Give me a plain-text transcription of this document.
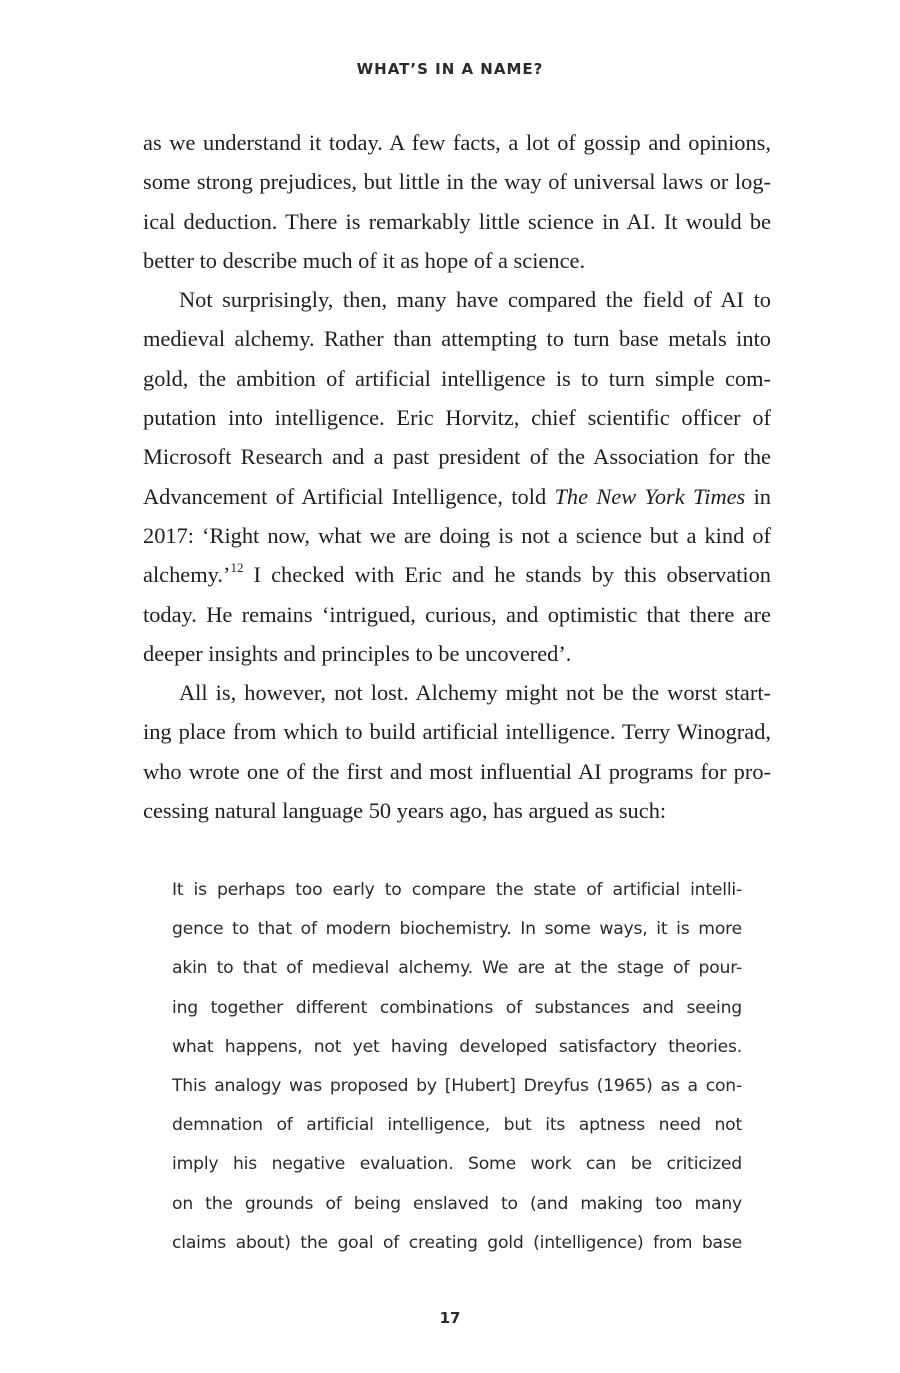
WHAT’S IN A NAME?
as we understand it today. A few facts, a lot of gossip and opinions,
some strong prejudices, but little in the way of universal laws or log-
ical deduction. There is remarkably little science in AI. It would be
better to describe much of it as hope of a science.
Not surprisingly, then, many have compared the field of AI to
medieval alchemy. Rather than attempting to turn base metals into
gold, the ambition of artificial intelligence is to turn simple com-
putation into intelligence. Eric Horvitz, chief scientific officer of
Microsoft Research and a past president of the Association for the
Advancement of Artificial Intelligence, told The New York Times in
2017: ‘Right now, what we are doing is not a science but a kind of
alchemy.’$^{12}$ I checked with Eric and he stands by this observation
today. He remains ‘intrigued, curious, and optimistic that there are
deeper insights and principles to be uncovered’.
All is, however, not lost. Alchemy might not be the worst start-
ing place from which to build artificial intelligence. Terry Winograd,
who wrote one of the first and most influential AI programs for pro-
cessing natural language 50 years ago, has argued as such:
It is perhaps too early to compare the state of artificial intelli-
gence to that of modern biochemistry. In some ways, it is more
akin to that of medieval alchemy. We are at the stage of pour-
ing together different combinations of substances and seeing
what happens, not yet having developed satisfactory theories.
This analogy was proposed by [Hubert] Dreyfus (1965) as a con-
demnation of artificial intelligence, but its aptness need not
imply his negative evaluation. Some work can be criticized
on the grounds of being enslaved to (and making too many
claims about) the goal of creating gold (intelligence) from base
17
